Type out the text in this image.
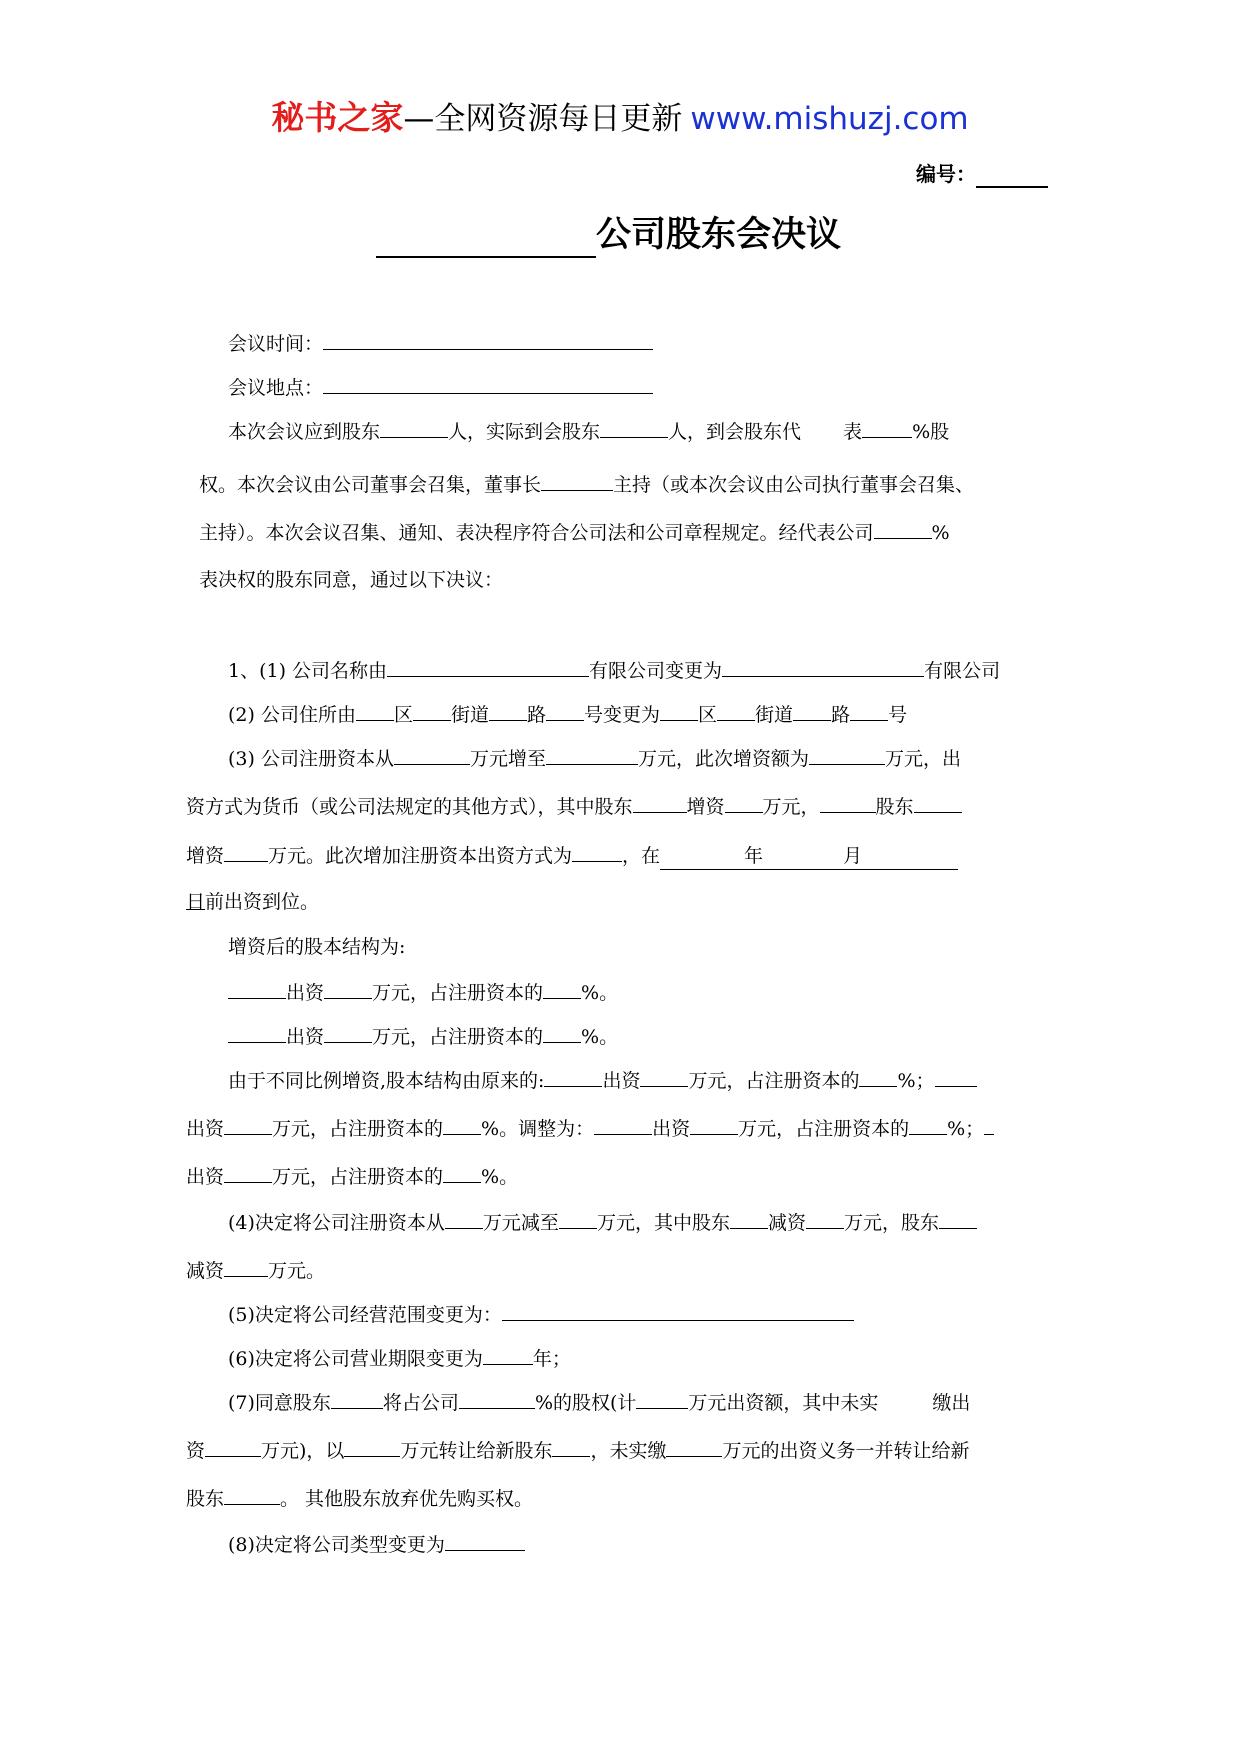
秘书之家—全网资源每日更新 www.mishuzj.com
编号：
公司股东会决议
会议时间：
会议地点：
本次会议应到股东	人，实际到会股东	人，到会股东代 表	%股
权。本次会议由公司董事会召集，董事长	主持（或本次会议由公司执行董事会召集、
主持）。本次会议召集、通知、表决程序符合公司法和公司章程规定。经代表公司	%
表决权的股东同意，通过以下决议：
1、(1) 公司名称由	有限公司变更为	有限公司
(2) 公司住所由 区 街道 路 号变更为 区 街道 路 号
(3) 公司注册资本从	万元增至	万元，此次增资额为	万元，出
资方式为货币（或公司法规定的其他方式），其中股东	增资 万元，	股东
增资 万元。此次增加注册资本出资方式为	，在	年	月
日前出资到位。
增资后的股本结构为:
出资	万元，占注册资本的 %。
出资	万元，占注册资本的 %。
由于不同比例增资,股本结构由原来的:	出资	万元，占注册资本的 %；
出资	万元，占注册资本的 %。调整为：	出资	万元，占注册资本的 %；
出资	万元，占注册资本的 %。
(4)决定将公司注册资本从 万元减至 万元，其中股东 减资 万元，股东
减资 万元。
(5)决定将公司经营范围变更为：
(6)决定将公司营业期限变更为	年；
(7)同意股东	将占公司	%的股权(计	万元出资额，其中未实	缴出
资	万元)，以	万元转让给新股东 ，未实缴	万元的出资义务一并转让给新
股东	。 其他股东放弃优先购买权。
(8)决定将公司类型变更为
